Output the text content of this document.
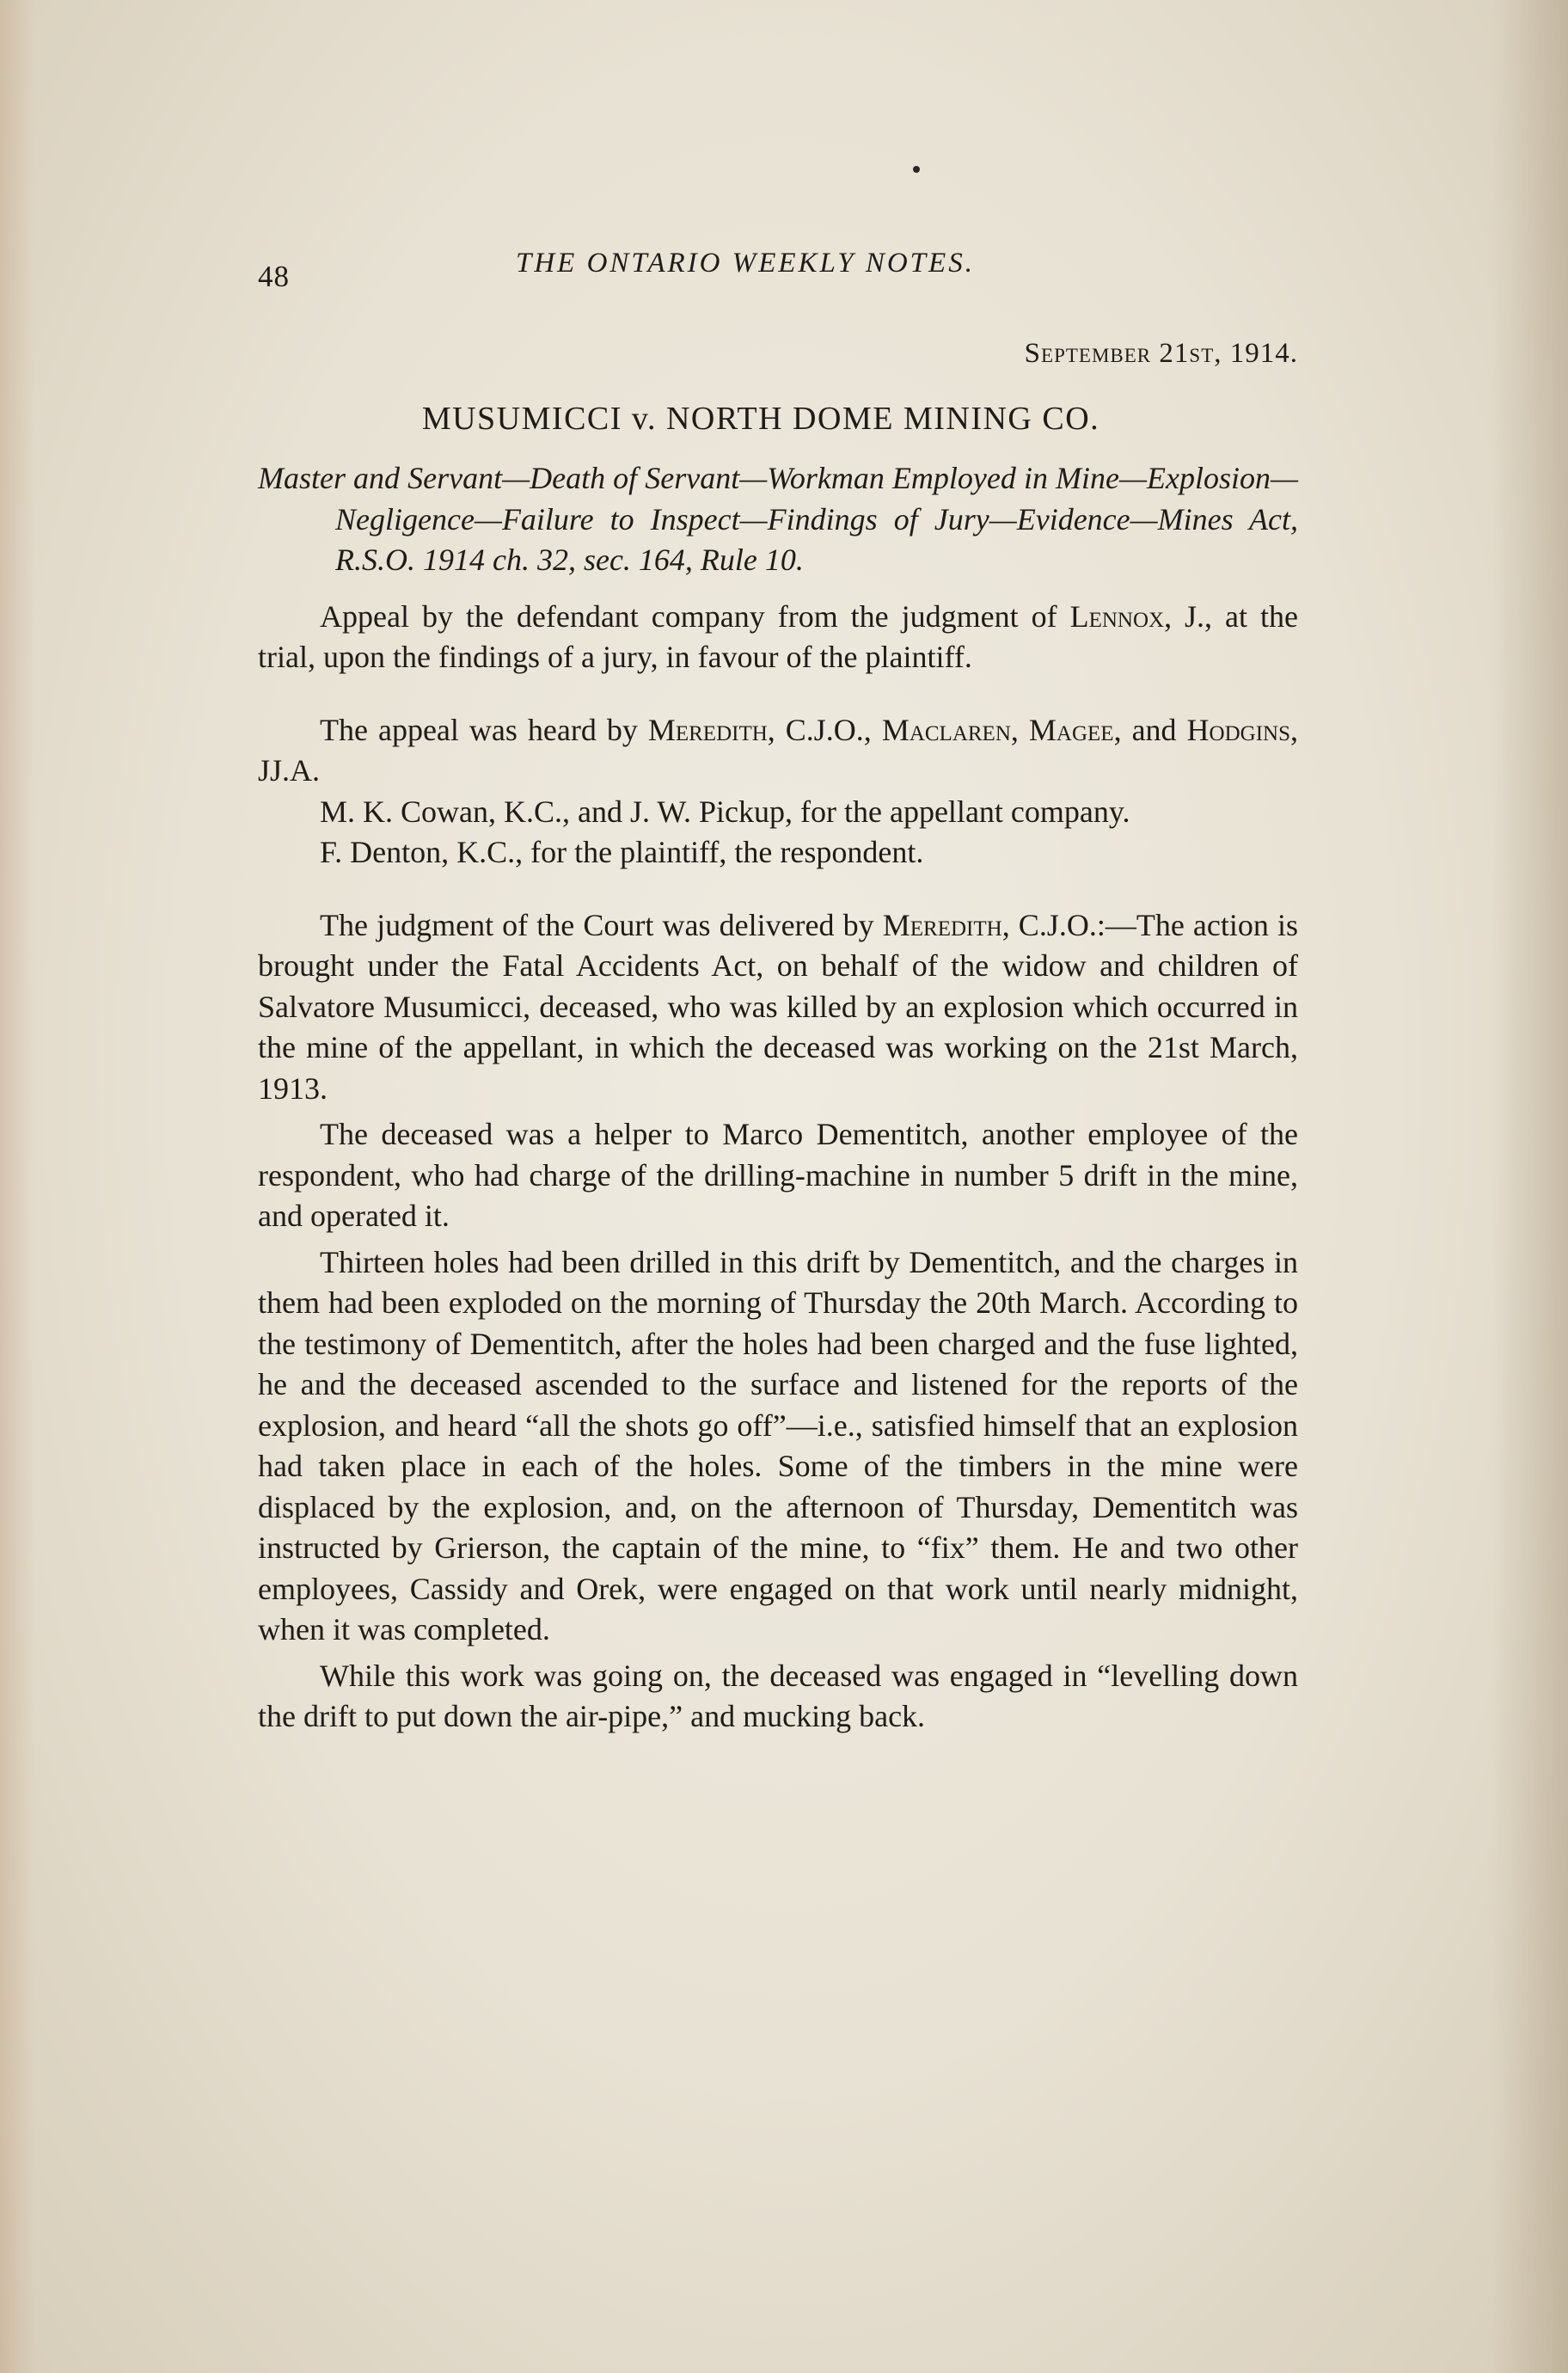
48	THE ONTARIO WEEKLY NOTES.
September 21st, 1914.
MUSUMICCI v. NORTH DOME MINING CO.
Master and Servant—Death of Servant—Workman Employed in Mine—Explosion—Negligence—Failure to Inspect—Findings of Jury—Evidence—Mines Act, R.S.O. 1914 ch. 32, sec. 164, Rule 10.

Appeal by the defendant company from the judgment of Lennox, J., at the trial, upon the findings of a jury, in favour of the plaintiff.

The appeal was heard by Meredith, C.J.O., Maclaren, Magee, and Hodgins, JJ.A.

M. K. Cowan, K.C., and J. W. Pickup, for the appellant company.

F. Denton, K.C., for the plaintiff, the respondent.

The judgment of the Court was delivered by Meredith, C.J.O.:—The action is brought under the Fatal Accidents Act, on behalf of the widow and children of Salvatore Musumicci, deceased, who was killed by an explosion which occurred in the mine of the appellant, in which the deceased was working on the 21st March, 1913.

The deceased was a helper to Marco Dementitch, another employee of the respondent, who had charge of the drilling-machine in number 5 drift in the mine, and operated it.

Thirteen holes had been drilled in this drift by Dementitch, and the charges in them had been exploded on the morning of Thursday the 20th March. According to the testimony of Dementitch, after the holes had been charged and the fuse lighted, he and the deceased ascended to the surface and listened for the reports of the explosion, and heard “all the shots go off”—i.e., satisfied himself that an explosion had taken place in each of the holes. Some of the timbers in the mine were displaced by the explosion, and, on the afternoon of Thursday, Dementitch was instructed by Grierson, the captain of the mine, to “fix” them. He and two other employees, Cassidy and Orek, were engaged on that work until nearly midnight, when it was completed.

While this work was going on, the deceased was engaged in “levelling down the drift to put down the air-pipe,” and mucking back.
